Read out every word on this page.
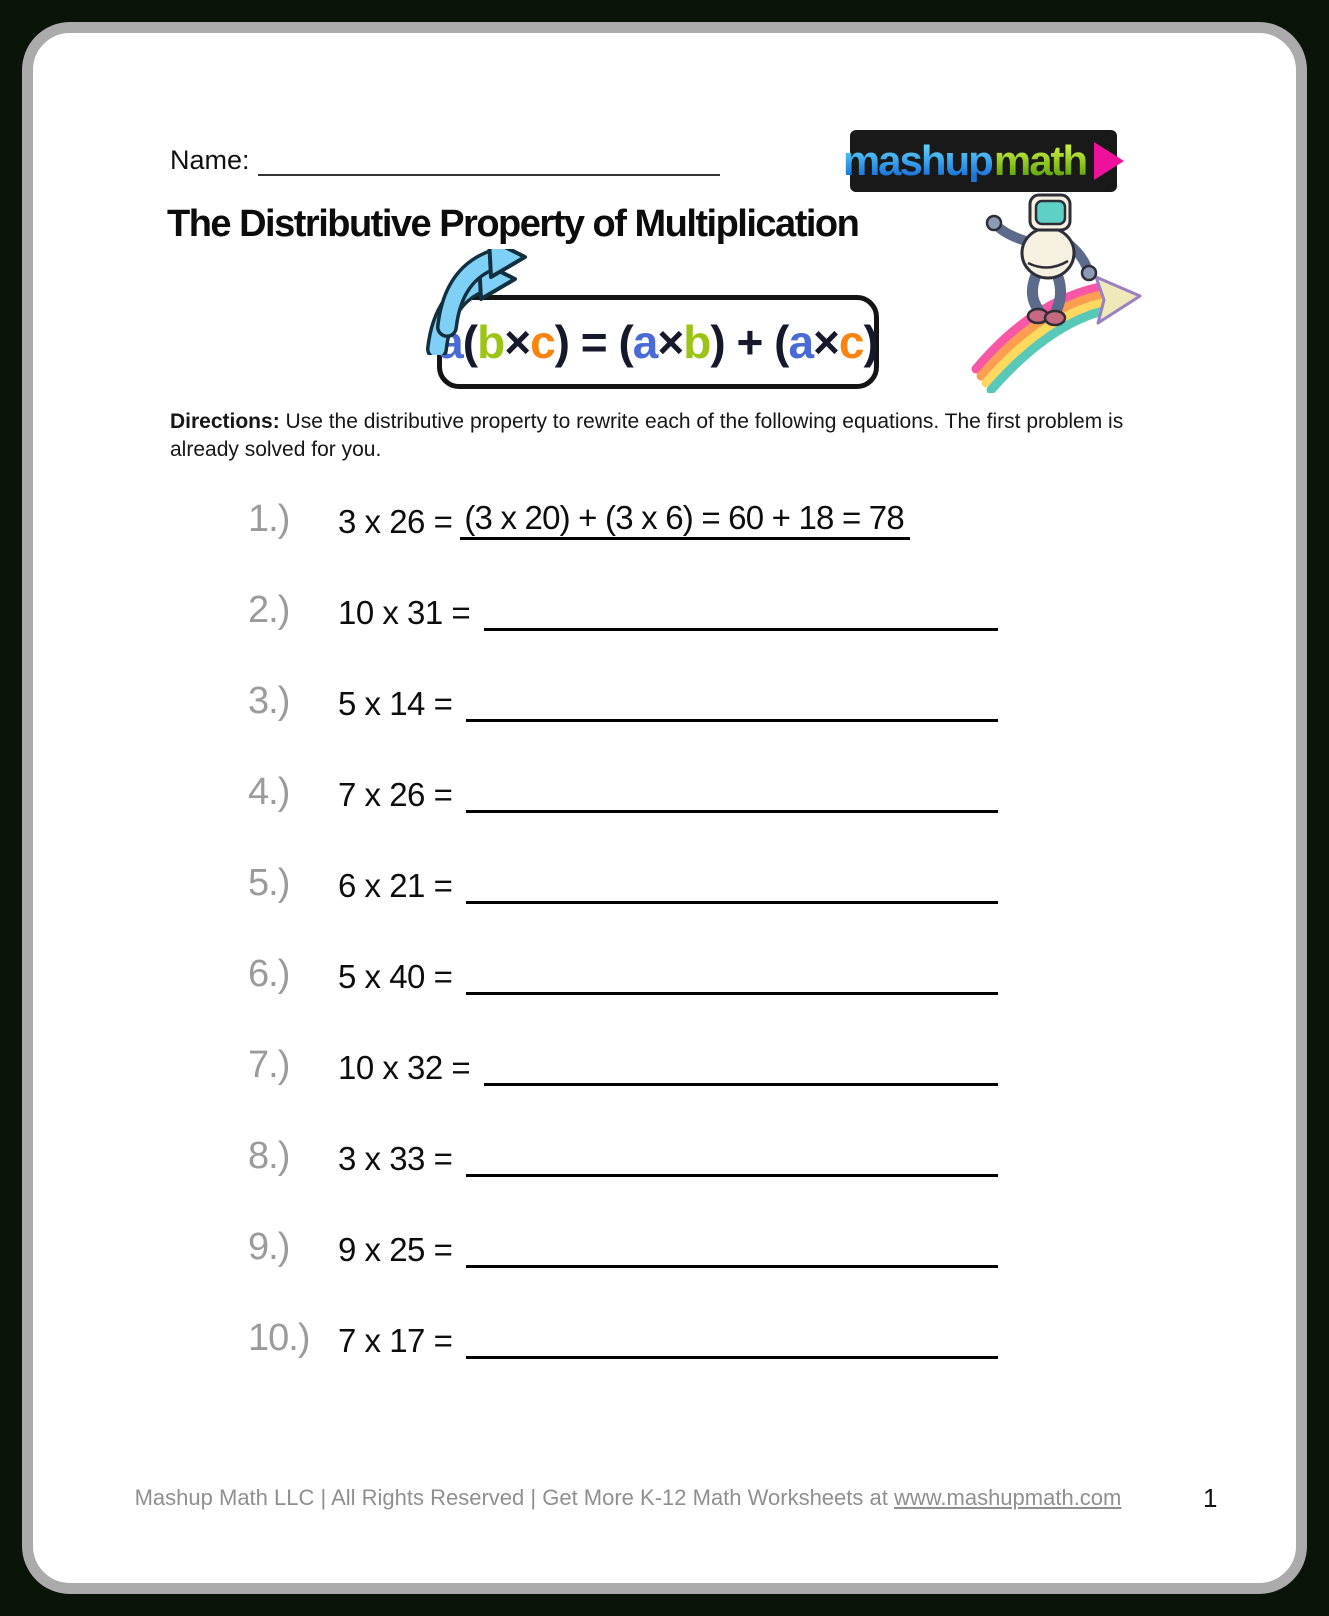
Name:	mashup math
The Distributive Property of Multiplication
a(b×c) = (a×b) + (a×c)

Directions: Use the distributive property to rewrite each of the following equations. The first problem is already solved for you.

1.)	3 x 26 = (3 x 20) + (3 x 6) = 60 + 18 = 78
2.)	10 x 31 =
3.)	5 x 14 =
4.)	7 x 26 =
5.)	6 x 21 =
6.)	5 x 40 =
7.)	10 x 32 =
8.)	3 x 33 =
9.)	9 x 25 =
10.) 7 x 17 =
Mashup Math LLC | All Rights Reserved | Get More K-12 Math Worksheets at www.mashupmath.com	1
